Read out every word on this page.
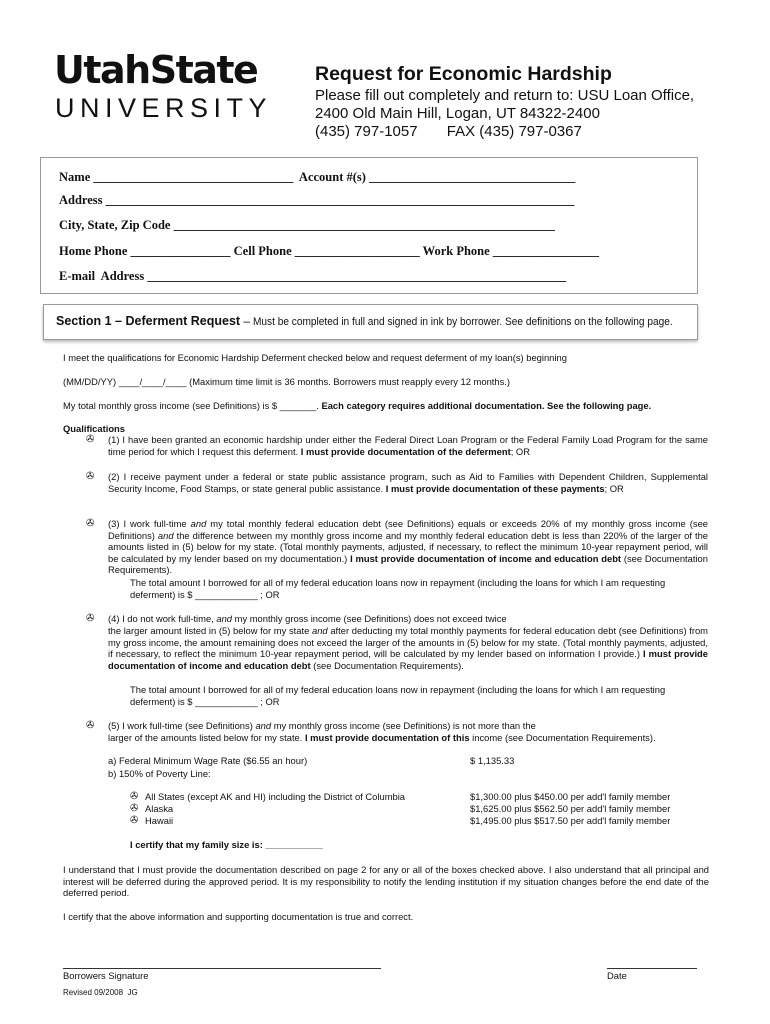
UtahState
UNIVERSITY
Request for Economic Hardship
Please fill out completely and return to: USU Loan Office,
2400 Old Main Hill, Logan, UT 84322-2400
(435) 797-1057       FAX (435) 797-0367
Name ________________________________  Account #(s) _________________________________
Address ___________________________________________________________________________
City, State, Zip Code _____________________________________________________________
Home Phone ________________ Cell Phone ____________________ Work Phone _________________
E-mail  Address ___________________________________________________________________
Section 1 – Deferment Request – Must be completed in full and signed in ink by borrower. See definitions on the following page.
I meet the qualifications for Economic Hardship Deferment checked below and request deferment of my loan(s) beginning
(MM/DD/YY) ____/____/____ (Maximum time limit is 36 months. Borrowers must reapply every 12 months.)
My total monthly gross income (see Definitions) is $ _______. Each category requires additional documentation. See the following page.
Qualifications
✇ (1) I have been granted an economic hardship under either the Federal Direct Loan Program or the Federal Family Load Program for the same time period for which I request this deferment. I must provide documentation of the deferment; OR
✇ (2) I receive payment under a federal or state public assistance program, such as Aid to Families with Dependent Children, Supplemental Security Income, Food Stamps, or state general public assistance. I must provide documentation of these payments; OR
✇ (3) I work full-time and my total monthly federal education debt (see Definitions) equals or exceeds 20% of my monthly gross income (see Definitions) and the difference between my monthly gross income and my monthly federal education debt is less than 220% of the larger of the amounts listed in (5) below for my state. (Total monthly payments, adjusted, if necessary, to reflect the minimum 10-year repayment period, will be calculated by my lender based on my documentation.) I must provide documentation of income and education debt (see Documentation Requirements).
The total amount I borrowed for all of my federal education loans now in repayment (including the loans for which I am requesting deferment) is $ ____________ ; OR
✇ (4) I do not work full-time, and my monthly gross income (see Definitions) does not exceed twice
the larger amount listed in (5) below for my state and after deducting my total monthly payments for federal education debt (see Definitions) from my gross income, the amount remaining does not exceed the larger of the amounts in (5) below for my state. (Total monthly payments, adjusted, if necessary, to reflect the minimum 10-year repayment period, will be calculated by my lender based on information I provide.) I must provide documentation of income and education debt (see Documentation Requirements).
The total amount I borrowed for all of my federal education loans now in repayment (including the loans for which I am requesting deferment) is $ ____________ ; OR
✇ (5) I work full-time (see Definitions) and my monthly gross income (see Definitions) is not more than the
larger of the amounts listed below for my state. I must provide documentation of this income (see Documentation Requirements).
a) Federal Minimum Wage Rate ($6.55 an hour)	$ 1,135.33
b) 150% of Poverty Line:
✇ All States (except AK and HI) including the District of Columbia	$1,300.00 plus $450.00 per add'l family member
✇ Alaska	$1,625.00 plus $562.50 per add'l family member
✇ Hawaii	$1,495.00 plus $517.50 per add'l family member
I certify that my family size is: ___________
I understand that I must provide the documentation described on page 2 for any or all of the boxes checked above. I also understand that all principal and interest will be deferred during the approved period. It is my responsibility to notify the lending institution if my situation changes before the end date of the deferred period.
I certify that the above information and supporting documentation is true and correct.
Borrowers Signature	Date
Revised 09/2008  JG
